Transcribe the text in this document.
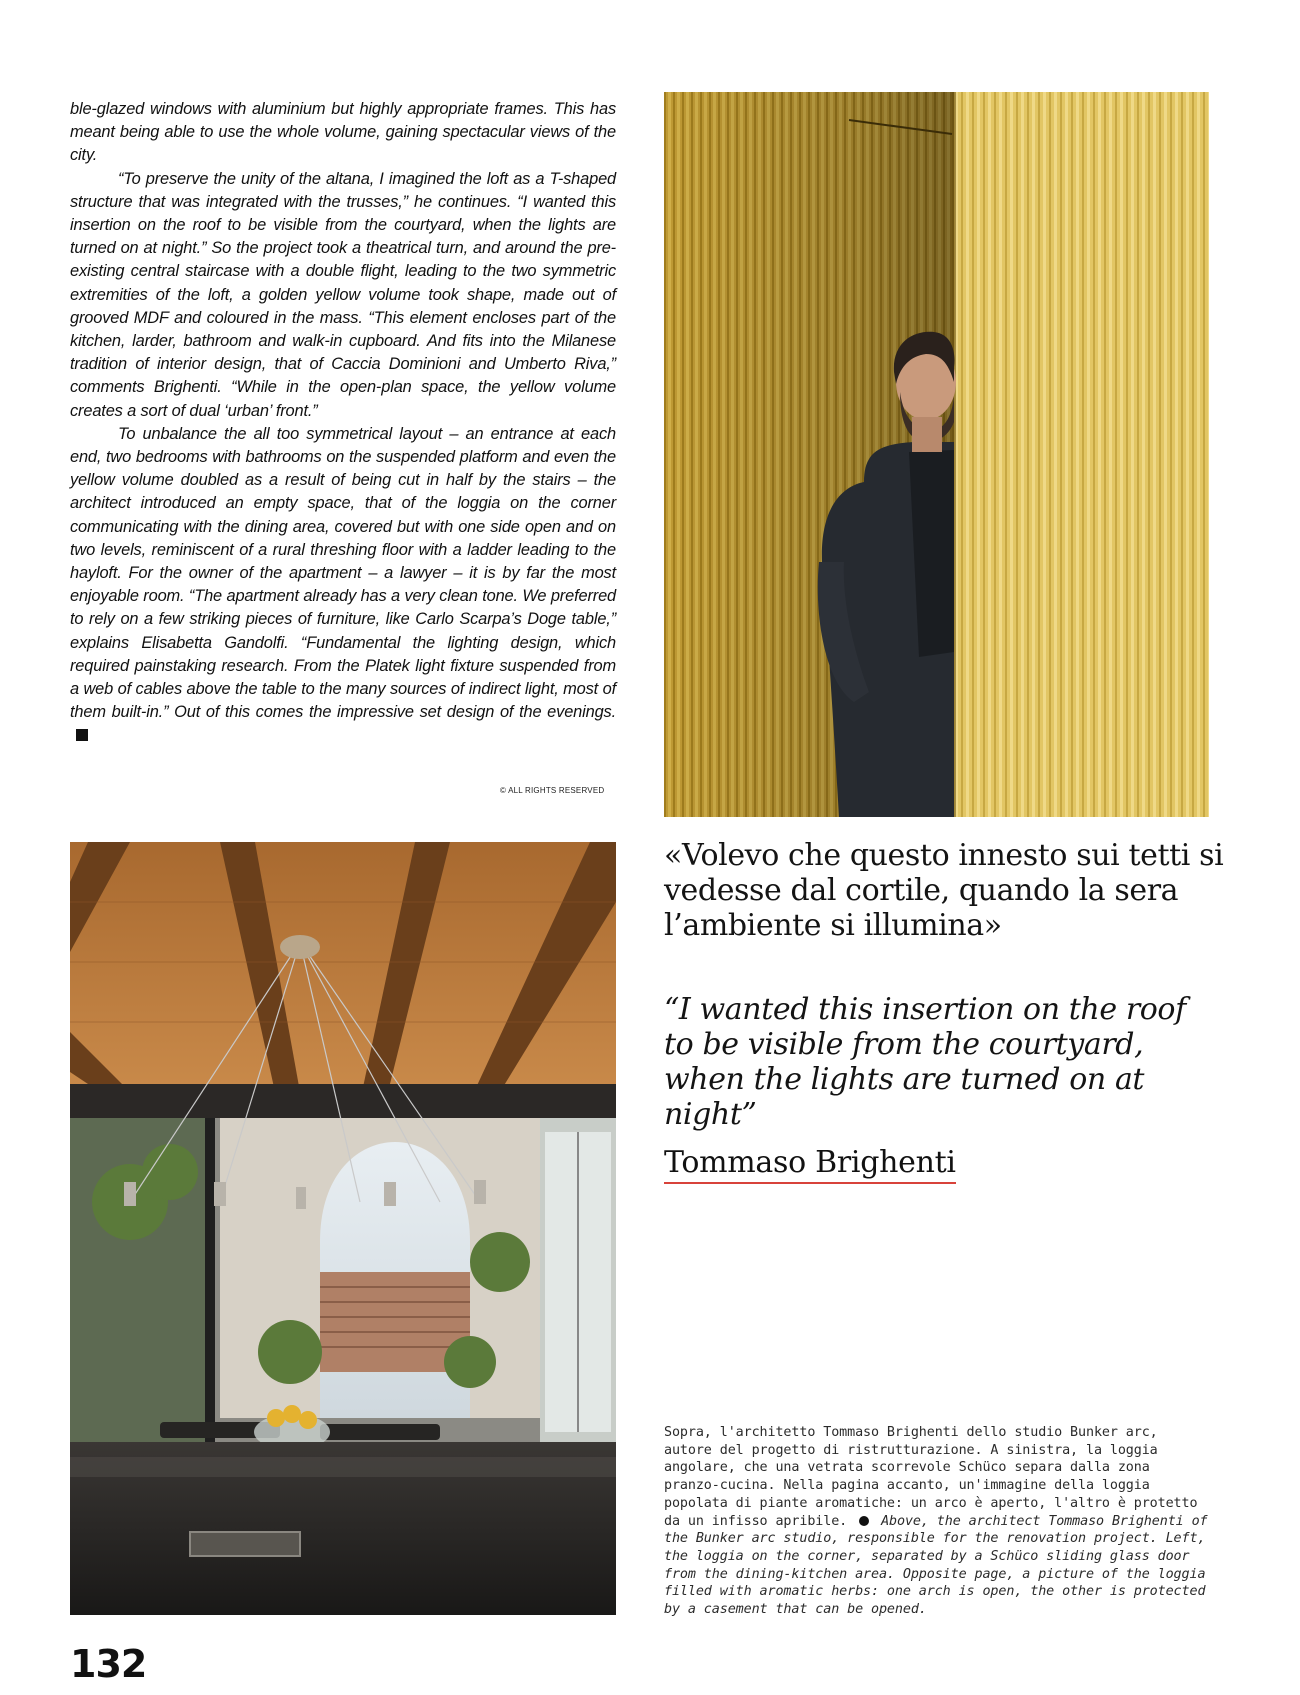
ble-glazed windows with aluminium but highly appropriate frames. This has meant being able to use the whole volume, gaining spectacular views of the city.

“To preserve the unity of the altana, I imagined the loft as a T-shaped structure that was integrated with the trusses,” he continues. “I wanted this insertion on the roof to be visible from the courtyard, when the lights are turned on at night.” So the project took a theatrical turn, and around the pre-existing central staircase with a double flight, leading to the two symmetric extremities of the loft, a golden yellow volume took shape, made out of grooved MDF and coloured in the mass. “This element encloses part of the kitchen, larder, bathroom and walk-in cupboard. And fits into the Milanese tradition of interior design, that of Caccia Dominioni and Umberto Riva,” comments Brighenti. “While in the open-plan space, the yellow volume creates a sort of dual ‘urban’ front.”

To unbalance the all too symmetrical layout – an entrance at each end, two bedrooms with bathrooms on the suspended platform and even the yellow volume doubled as a result of being cut in half by the stairs – the architect introduced an empty space, that of the loggia on the corner communicating with the dining area, covered but with one side open and on two levels, reminiscent of a rural threshing floor with a ladder leading to the hayloft. For the owner of the apartment – a lawyer – it is by far the most enjoyable room. “The apartment already has a very clean tone. We preferred to rely on a few striking pieces of furniture, like Carlo Scarpa’s Doge table,” explains Elisabetta Gandolfi. “Fundamental the lighting design, which required painstaking research. From the Platek light fixture suspended from a web of cables above the table to the many sources of indirect light, most of them built-in.” Out of this comes the impressive set design of the evenings.

© ALL RIGHTS RESERVED
«Volevo che questo innesto sui tetti si vedesse dal cortile, quando la sera l’ambiente si illumina»
“I wanted this insertion on the roof to be visible from the courtyard, when the lights are turned on at night”
Tommaso Brighenti
Sopra, l'architetto Tommaso Brighenti dello studio Bunker arc, autore del progetto di ristrutturazione. A sinistra, la loggia angolare, che una vetrata scorrevole Schüco separa dalla zona pranzo-cucina. Nella pagina accanto, un'immagine della loggia popolata di piante aromatiche: un arco è aperto, l'altro è protetto da un infisso apribile.	Above, the architect Tommaso Brighenti of the Bunker arc studio, responsible for the renovation project. Left, the loggia on the corner, separated by a Schüco sliding glass door from the dining-kitchen area. Opposite page, a picture of the loggia filled with aromatic herbs: one arch is open, the other is protected by a casement that can be opened.
132
